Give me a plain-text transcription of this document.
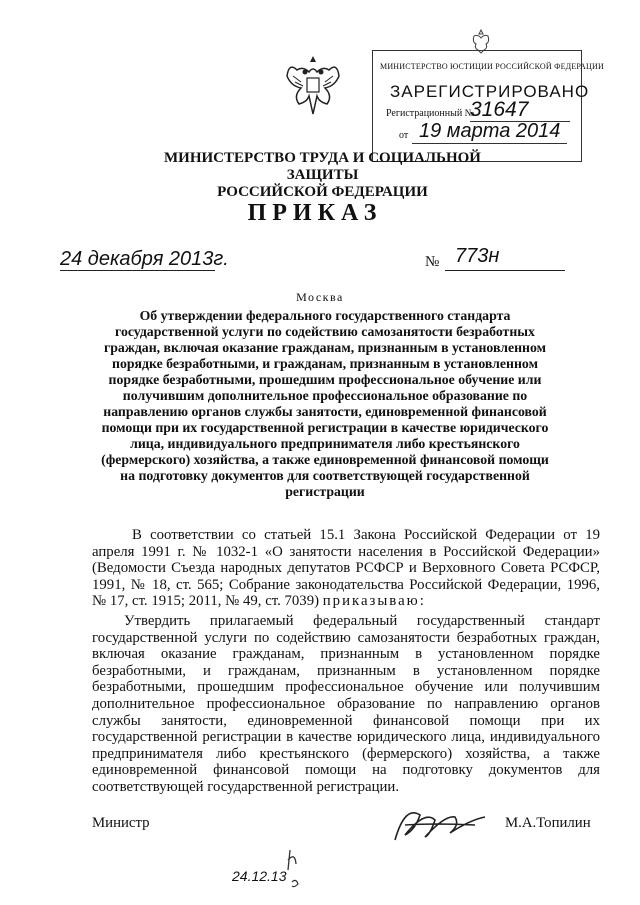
МИНИСТЕРСТВО ЮСТИЦИИ РОССИЙСКОЙ ФЕДЕРАЦИИ
ЗАРЕГИСТРИРОВАНО
Регистрационный №
31647
от 19 марта 2014
МИНИСТЕРСТВО ТРУДА И СОЦИАЛЬНОЙ ЗАЩИТЫ
РОССИЙСКОЙ ФЕДЕРАЦИИ
ПРИКАЗ
24 декабря 2013г.	№ 773н
Москва
Об утверждении федерального государственного стандарта государственной услуги по содействию самозанятости безработных граждан, включая оказание гражданам, признанным в установленном порядке безработными, и гражданам, признанным в установленном порядке безработными, прошедшим профессиональное обучение или получившим дополнительное профессиональное образование по направлению органов службы занятости, единовременной финансовой помощи при их государственной регистрации в качестве юридического лица, индивидуального предпринимателя либо крестьянского (фермерского) хозяйства, а также единовременной финансовой помощи на подготовку документов для соответствующей государственной регистрации
В соответствии со статьей 15.1 Закона Российской Федерации от 19 апреля 1991 г. № 1032-1 «О занятости населения в Российской Федерации» (Ведомости Съезда народных депутатов РСФСР и Верховного Совета РСФСР, 1991, № 18, ст. 565; Собрание законодательства Российской Федерации, 1996, № 17, ст. 1915; 2011, № 49, ст. 7039) приказываю:
Утвердить прилагаемый федеральный государственный стандарт государственной услуги по содействию самозанятости безработных граждан, включая оказание гражданам, признанным в установленном порядке безработными, и гражданам, признанным в установленном порядке безработными, прошедшим профессиональное обучение или получившим дополнительное профессиональное образование по направлению органов службы занятости, единовременной финансовой помощи при их государственной регистрации в качестве юридического лица, индивидуального предпринимателя либо крестьянского (фермерского) хозяйства, а также единовременной финансовой помощи на подготовку документов для соответствующей государственной регистрации.
Министр	М.А.Топилин
24.12.13
